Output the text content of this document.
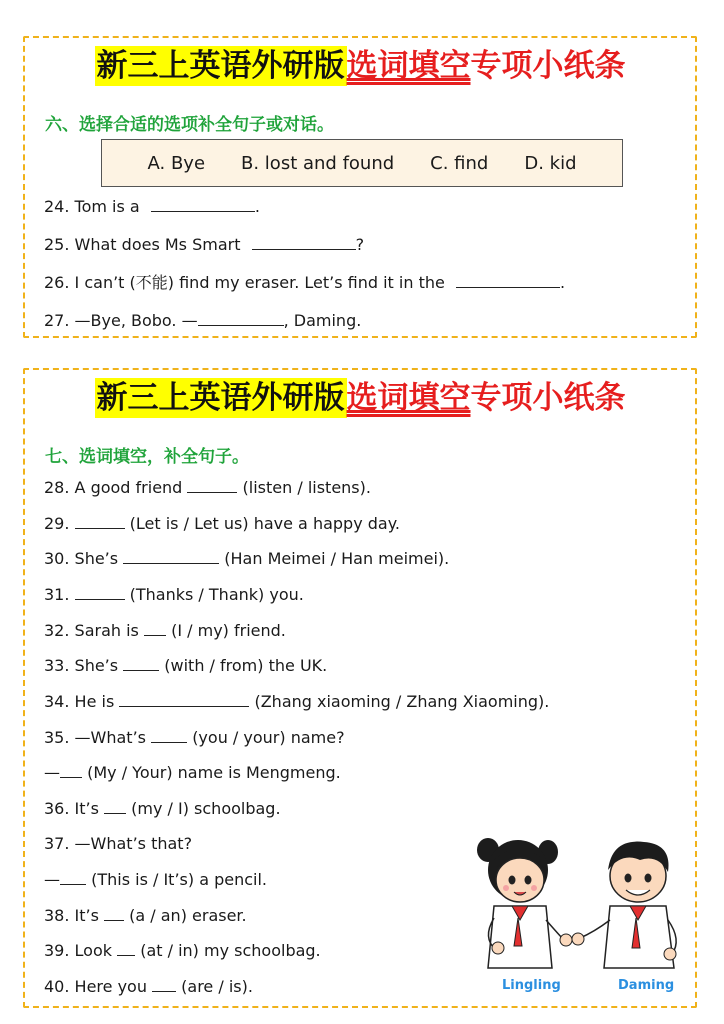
新三上英语外研版选词填空专项小纸条
六、选择合适的选项补全句子或对话。
A. Bye B. lost and found C. find D. kid
24. Tom is a	.
25. What does Ms Smart	?
26. I can’t (不能) find my eraser. Let’s find it in the	.
27. —Bye, Bobo. —	, Daming.
新三上英语外研版选词填空专项小纸条
七、选词填空，补全句子。
28. A good friend	(listen / listens).
29.	(Let is / Let us) have a happy day.
30. She’s	(Han Meimei / Han meimei).
31.	(Thanks / Thank) you.
32. Sarah is (I / my) friend.
33. She’s	(with / from) the UK.
34. He is	(Zhang xiaoming / Zhang Xiaoming).
35. —What’s	(you / your) name?
— (My / Your) name is Mengmeng.
36. It’s (my / I) schoolbag.
37. —What’s that?
— (This is / It’s) a pencil.
38. It’s (a / an) eraser.
39. Look (at / in) my schoolbag.
40. Here you (are / is).	Lingling	Daming
